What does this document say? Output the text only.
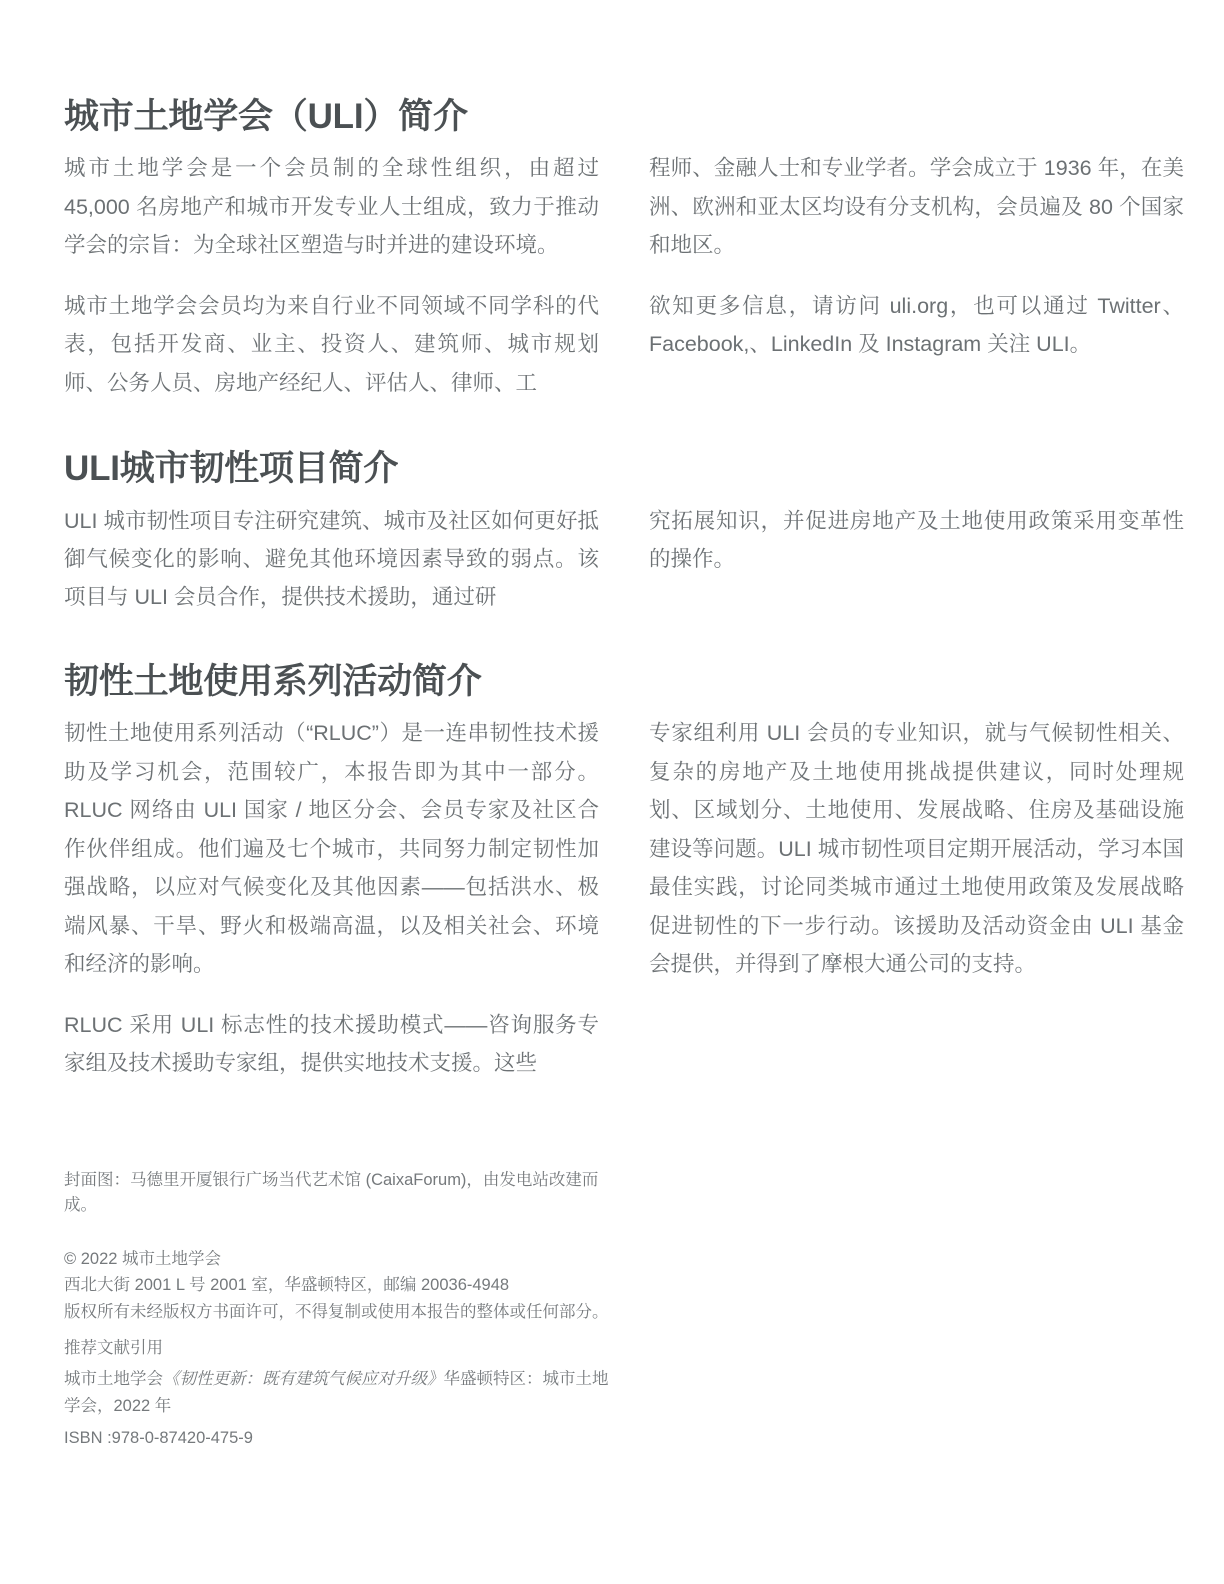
城市土地学会（ULI）简介

城市土地学会是一个会员制的全球性组织，由超过 45,000 名房地产和城市开发专业人士组成，致力于推动学会的宗旨：为全球社区塑造与时并进的建设环境。

城市土地学会会员均为来自行业不同领域不同学科的代表，包括开发商、业主、投资人、建筑师、城市规划师、公务人员、房地产经纪人、评估人、律师、工

程师、金融人士和专业学者。学会成立于 1936 年，在美洲、欧洲和亚太区均设有分支机构，会员遍及 80 个国家和地区。

欲知更多信息，请访问 uli.org，也可以通过 Twitter、Facebook,、LinkedIn 及 Instagram 关注 ULI。

ULI城市韧性项目简介

ULI 城市韧性项目专注研究建筑、城市及社区如何更好抵御气候变化的影响、避免其他环境因素导致的弱点。该项目与 ULI 会员合作，提供技术援助，通过研

究拓展知识，并促进房地产及土地使用政策采用变革性的操作。

韧性土地使用系列活动简介

韧性土地使用系列活动（“RLUC”）是一连串韧性技术援助及学习机会，范围较广，本报告即为其中一部分。RLUC 网络由 ULI 国家 / 地区分会、会员专家及社区合作伙伴组成。他们遍及七个城市，共同努力制定韧性加强战略，以应对气候变化及其他因素——包括洪水、极端风暴、干旱、野火和极端高温，以及相关社会、环境和经济的影响。

RLUC 采用 ULI 标志性的技术援助模式——咨询服务专家组及技术援助专家组，提供实地技术支援。这些

专家组利用 ULI 会员的专业知识，就与气候韧性相关、复杂的房地产及土地使用挑战提供建议，同时处理规划、区域划分、土地使用、发展战略、住房及基础设施建设等问题。ULI 城市韧性项目定期开展活动，学习本国最佳实践，讨论同类城市通过土地使用政策及发展战略促进韧性的下一步行动。该援助及活动资金由 ULI 基金会提供，并得到了摩根大通公司的支持。

封面图：马德里开厦银行广场当代艺术馆 (CaixaForum)，由发电站改建而成。

© 2022 城市土地学会

西北大街 2001 L 号 2001 室，华盛顿特区，邮编 20036-4948

版权所有未经版权方书面许可，不得复制或使用本报告的整体或任何部分。

推荐文献引用

城市土地学会《韧性更新：既有建筑气候应对升级》华盛顿特区：城市土地学会，2022 年

ISBN :978-0-87420-475-9
